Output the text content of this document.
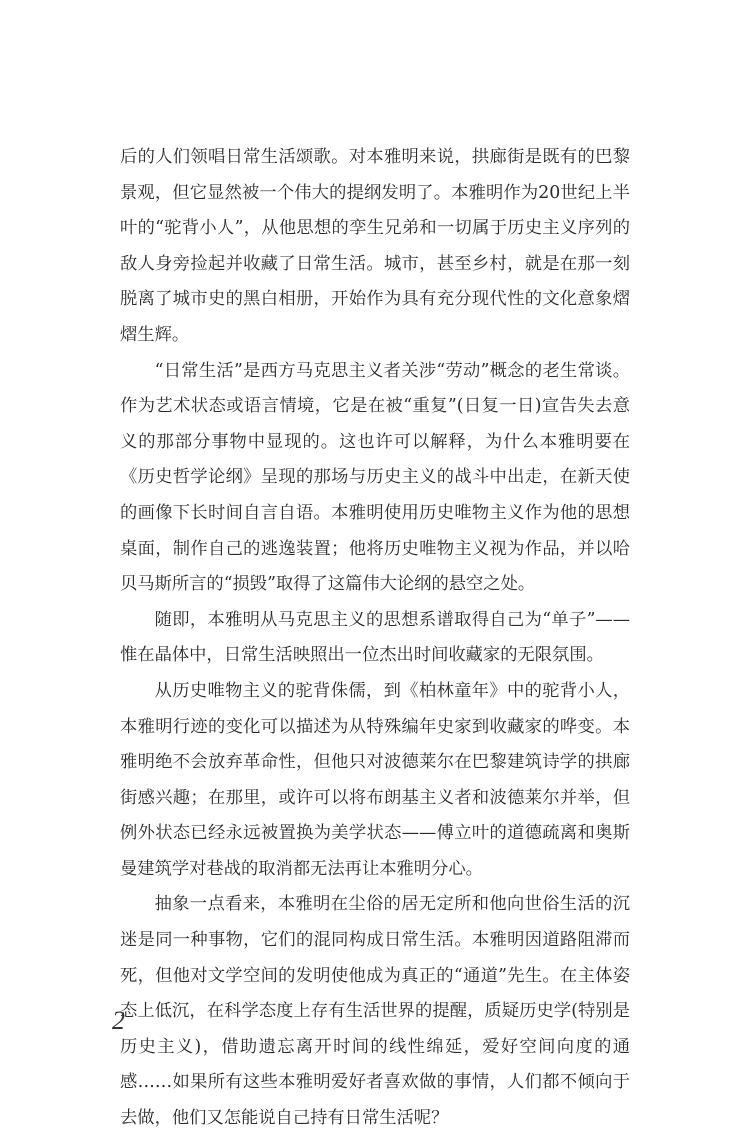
后的人们领唱日常生活颂歌。对本雅明来说，拱廊街是既有的巴黎景观，但它显然被一个伟大的提纲发明了。本雅明作为20世纪上半叶的“驼背小人”，从他思想的孪生兄弟和一切属于历史主义序列的敌人身旁捡起并收藏了日常生活。城市，甚至乡村，就是在那一刻脱离了城市史的黑白相册，开始作为具有充分现代性的文化意象熠熠生辉。

“日常生活”是西方马克思主义者关涉“劳动”概念的老生常谈。作为艺术状态或语言情境，它是在被“重复”(日复一日)宣告失去意义的那部分事物中显现的。这也许可以解释，为什么本雅明要在《历史哲学论纲》呈现的那场与历史主义的战斗中出走，在新天使的画像下长时间自言自语。本雅明使用历史唯物主义作为他的思想桌面，制作自己的逃逸装置；他将历史唯物主义视为作品，并以哈贝马斯所言的“损毁”取得了这篇伟大论纲的悬空之处。

随即，本雅明从马克思主义的思想系谱取得自己为“单子”——惟在晶体中，日常生活映照出一位杰出时间收藏家的无限氛围。

从历史唯物主义的驼背侏儒，到《柏林童年》中的驼背小人，本雅明行迹的变化可以描述为从特殊编年史家到收藏家的哗变。本雅明绝不会放弃革命性，但他只对波德莱尔在巴黎建筑诗学的拱廊街感兴趣；在那里，或许可以将布朗基主义者和波德莱尔并举，但例外状态已经永远被置换为美学状态——傅立叶的道德疏离和奥斯曼建筑学对巷战的取消都无法再让本雅明分心。

抽象一点看来，本雅明在尘俗的居无定所和他向世俗生活的沉迷是同一种事物，它们的混同构成日常生活。本雅明因道路阻滞而死，但他对文学空间的发明使他成为真正的“通道”先生。在主体姿态上低沉，在科学态度上存有生活世界的提醒，质疑历史学(特别是历史主义)，借助遗忘离开时间的线性绵延，爱好空间向度的通感……如果所有这些本雅明爱好者喜欢做的事情，人们都不倾向于去做，他们又怎能说自己持有日常生活呢？

2
